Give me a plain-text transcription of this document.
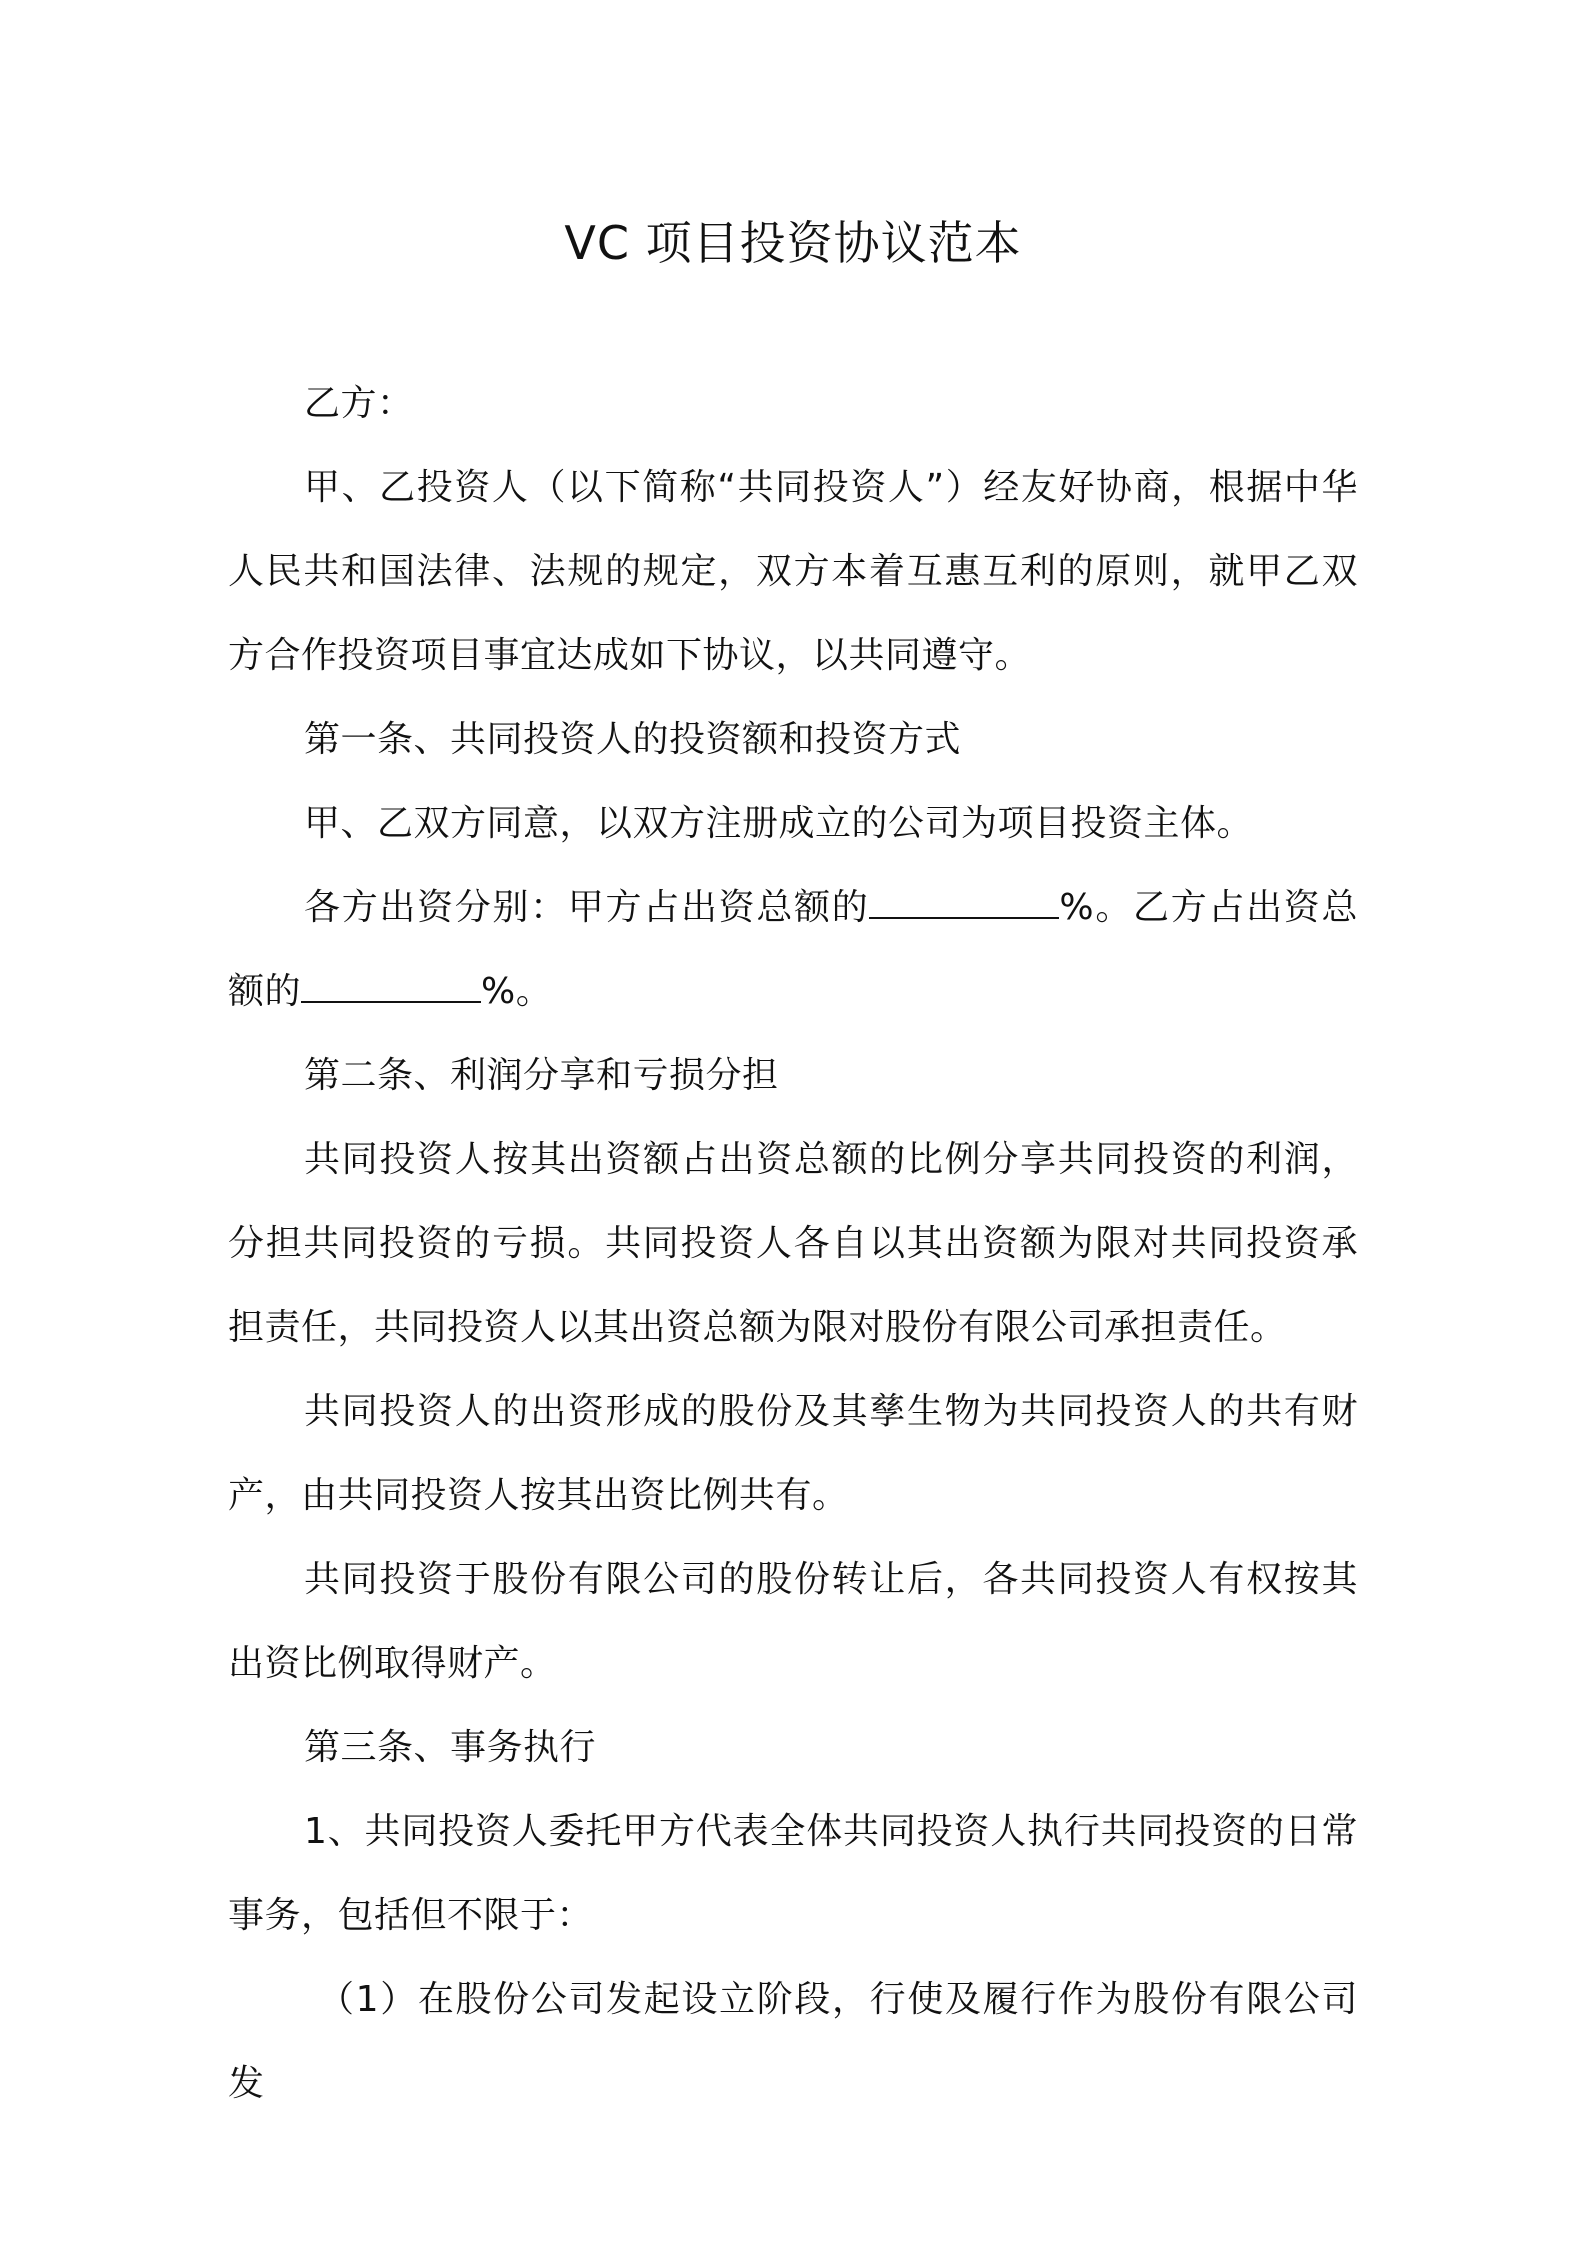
VC 项目投资协议范本

乙方：

甲、乙投资人（以下简称“共同投资人”）经友好协商，根据中华人民共和国法律、法规的规定，双方本着互惠互利的原则，就甲乙双方合作投资项目事宜达成如下协议，以共同遵守。

第一条、共同投资人的投资额和投资方式

甲、乙双方同意，以双方注册成立的公司为项目投资主体。

各方出资分别：甲方占出资总额的	%。乙方占出资总额的	%。

第二条、利润分享和亏损分担

共同投资人按其出资额占出资总额的比例分享共同投资的利润，分担共同投资的亏损。共同投资人各自以其出资额为限对共同投资承担责任，共同投资人以其出资总额为限对股份有限公司承担责任。

共同投资人的出资形成的股份及其孳生物为共同投资人的共有财产，由共同投资人按其出资比例共有。

共同投资于股份有限公司的股份转让后，各共同投资人有权按其出资比例取得财产。

第三条、事务执行

1、共同投资人委托甲方代表全体共同投资人执行共同投资的日常事务，包括但不限于：

（1）在股份公司发起设立阶段，行使及履行作为股份有限公司发
